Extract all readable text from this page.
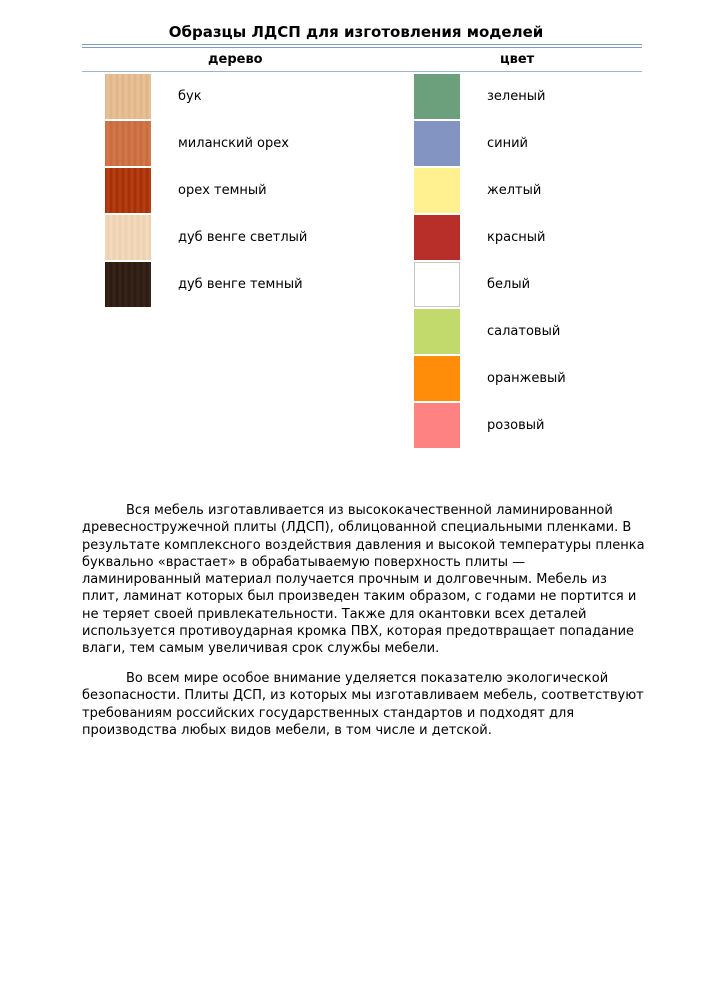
Образцы ЛДСП для изготовления моделей
дерево	цвет
бук
миланский орех
орех темный
дуб венге светлый
дуб венге темный
зеленый
синий
желтый
красный
белый
салатовый
оранжевый
розовый

Вся мебель изготавливается из высококачественной ламинированной древесностружечной плиты (ЛДСП), облицованной специальными пленками. В результате комплексного воздействия давления и высокой температуры пленка буквально «врастает» в обрабатываемую поверхность плиты — ламинированный материал получается прочным и долговечным. Мебель из плит, ламинат которых был произведен таким образом, с годами не портится и не теряет своей привлекательности. Также для окантовки всех деталей используется противоударная кромка ПВХ, которая предотвращает попадание влаги, тем самым увеличивая срок службы мебели.

Во всем мире особое внимание уделяется показателю экологической безопасности. Плиты ДСП, из которых мы изготавливаем мебель, соответствуют требованиям российских государственных стандартов и подходят для производства любых видов мебели, в том числе и детской.
